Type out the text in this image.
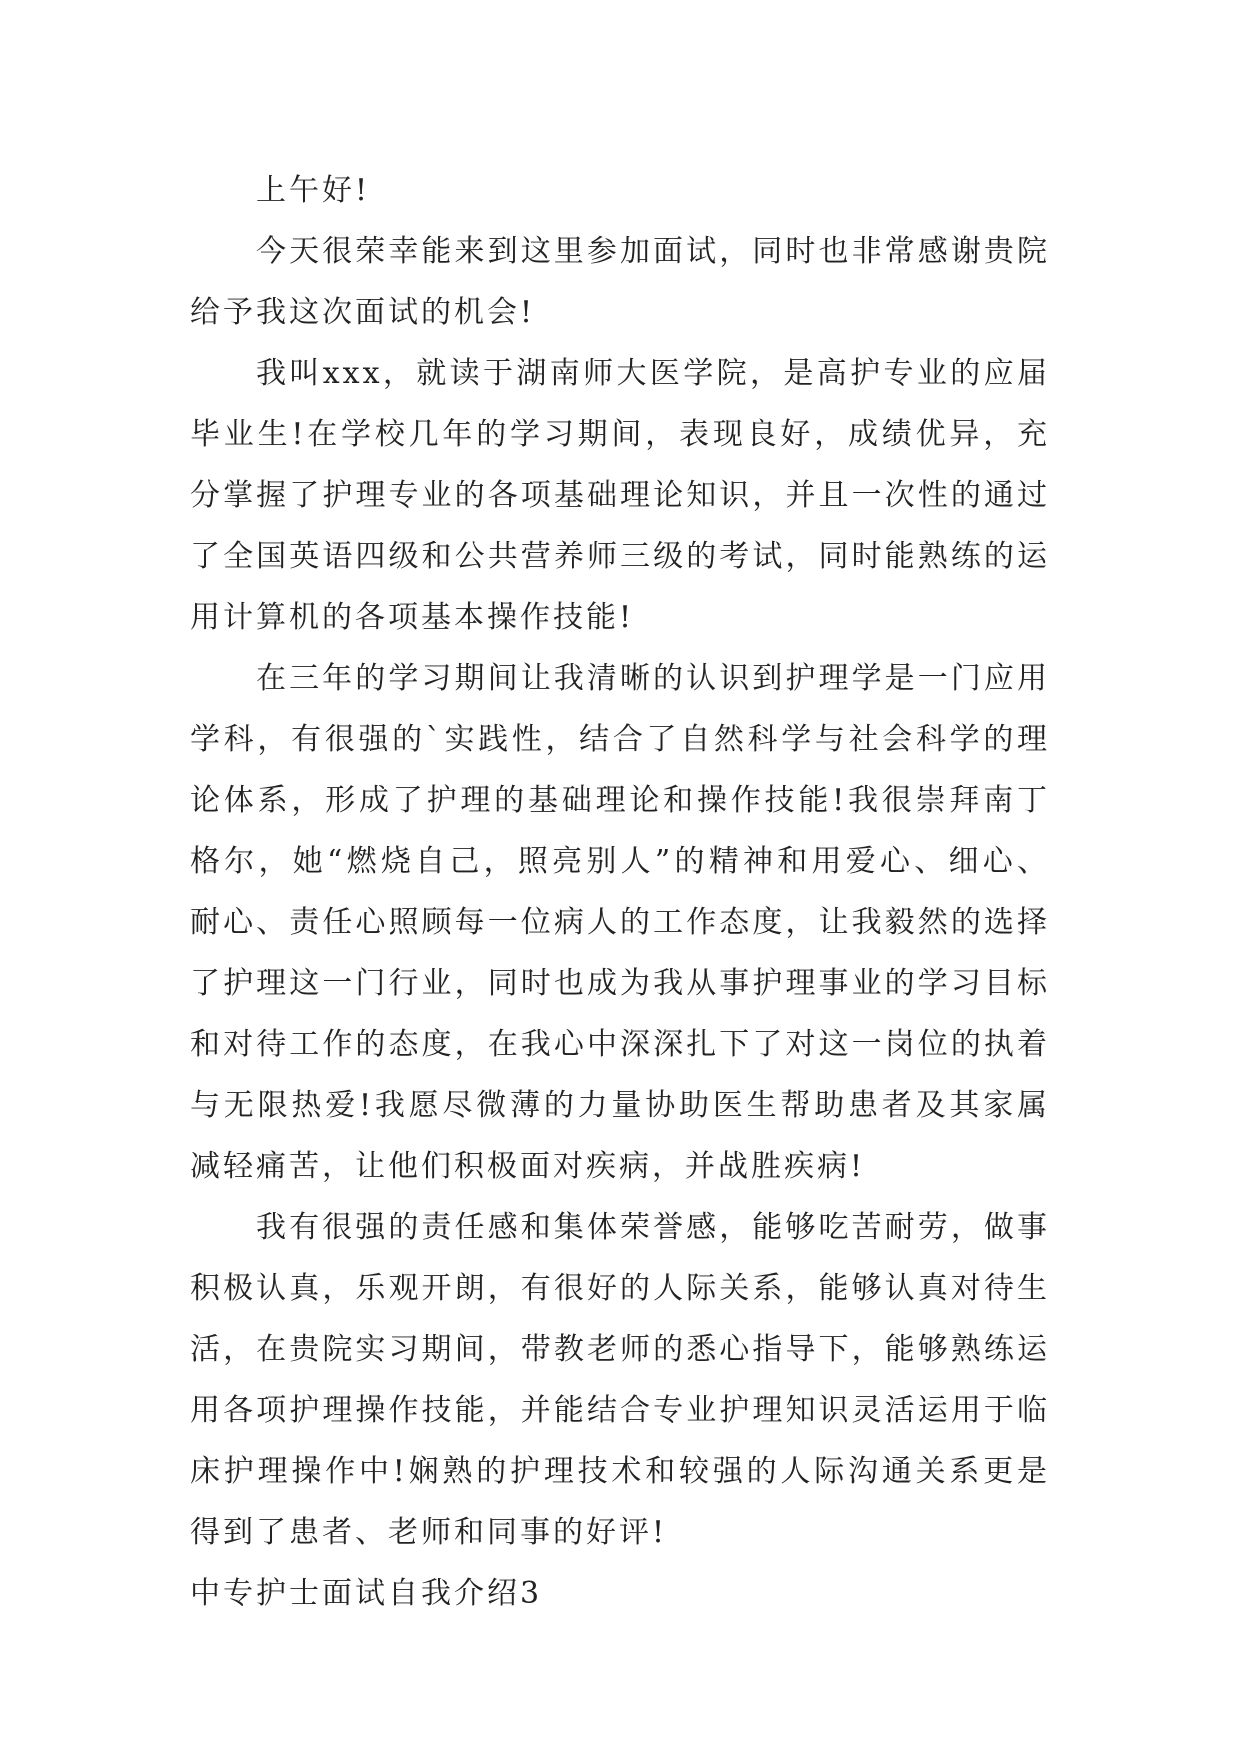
上午好!

今天很荣幸能来到这里参加面试，同时也非常感谢贵院给予我这次面试的机会!

我叫xxx，就读于湖南师大医学院，是高护专业的应届毕业生!在学校几年的学习期间，表现良好，成绩优异，充分掌握了护理专业的各项基础理论知识，并且一次性的通过了全国英语四级和公共营养师三级的考试，同时能熟练的运用计算机的各项基本操作技能!

在三年的学习期间让我清晰的认识到护理学是一门应用学科，有很强的`实践性，结合了自然科学与社会科学的理论体系，形成了护理的基础理论和操作技能!我很崇拜南丁格尔，她“燃烧自己，照亮别人”的精神和用爱心、细心、耐心、责任心照顾每一位病人的工作态度，让我毅然的选择了护理这一门行业，同时也成为我从事护理事业的学习目标和对待工作的态度，在我心中深深扎下了对这一岗位的执着与无限热爱!我愿尽微薄的力量协助医生帮助患者及其家属减轻痛苦，让他们积极面对疾病，并战胜疾病!

我有很强的责任感和集体荣誉感，能够吃苦耐劳，做事积极认真，乐观开朗，有很好的人际关系，能够认真对待生活，在贵院实习期间，带教老师的悉心指导下，能够熟练运用各项护理操作技能，并能结合专业护理知识灵活运用于临床护理操作中!娴熟的护理技术和较强的人际沟通关系更是得到了患者、老师和同事的好评!

中专护士面试自我介绍3
